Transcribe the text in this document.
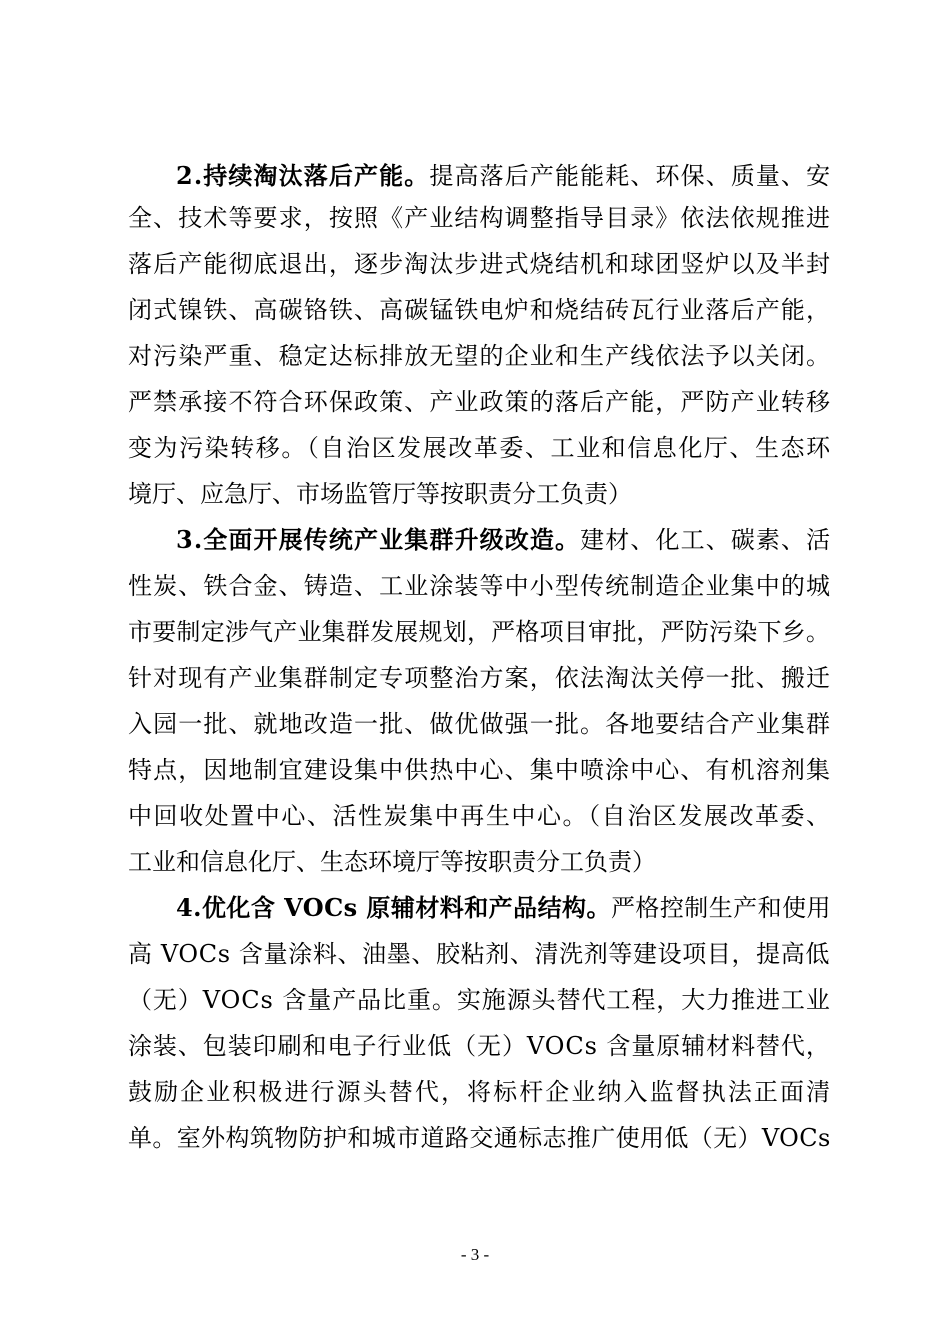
2.持续淘汰落后产能。提高落后产能能耗、环保、质量、安
全、技术等要求，按照《产业结构调整指导目录》依法依规推进
落后产能彻底退出，逐步淘汰步进式烧结机和球团竖炉以及半封
闭式镍铁、高碳铬铁、高碳锰铁电炉和烧结砖瓦行业落后产能，
对污染严重、稳定达标排放无望的企业和生产线依法予以关闭。
严禁承接不符合环保政策、产业政策的落后产能，严防产业转移
变为污染转移。（自治区发展改革委、工业和信息化厅、生态环
境厅、应急厅、市场监管厅等按职责分工负责）
3.全面开展传统产业集群升级改造。建材、化工、碳素、活
性炭、铁合金、铸造、工业涂装等中小型传统制造企业集中的城
市要制定涉气产业集群发展规划，严格项目审批，严防污染下乡。
针对现有产业集群制定专项整治方案，依法淘汰关停一批、搬迁
入园一批、就地改造一批、做优做强一批。各地要结合产业集群
特点，因地制宜建设集中供热中心、集中喷涂中心、有机溶剂集
中回收处置中心、活性炭集中再生中心。（自治区发展改革委、
工业和信息化厅、生态环境厅等按职责分工负责）
4.优化含 VOCs 原辅材料和产品结构。严格控制生产和使用
高 VOCs 含量涂料、油墨、胶粘剂、清洗剂等建设项目，提高低
（无）VOCs 含量产品比重。实施源头替代工程，大力推进工业
涂装、包装印刷和电子行业低（无）VOCs 含量原辅材料替代，
鼓励企业积极进行源头替代，将标杆企业纳入监督执法正面清
单。室外构筑物防护和城市道路交通标志推广使用低（无）VOCs
- 3 -
